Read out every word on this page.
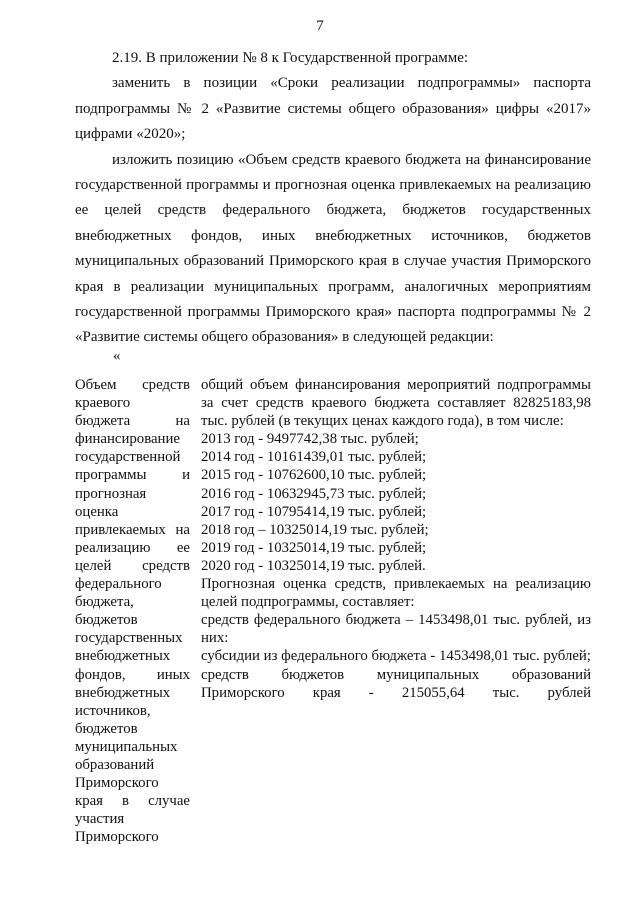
7

2.19. В приложении № 8 к Государственной программе:

заменить в позиции «Сроки реализации подпрограммы» паспорта подпрограммы № 2 «Развитие системы общего образования» цифры «2017» цифрами «2020»;

изложить позицию «Объем средств краевого бюджета на финансирование государственной программы и прогнозная оценка привлекаемых на реализацию ее целей средств федерального бюджета, бюджетов государственных внебюджетных фондов, иных внебюджетных источников, бюджетов муниципальных образований Приморского края в случае участия Приморского края в реализации муниципальных программ, аналогичных мероприятиям государственной программы Приморского края» паспорта подпрограммы № 2 «Развитие системы общего образования» в следующей редакции:

«
Объем средств
краевого
бюджета	на
финансирование
государственной
программы и
прогнозная
оценка
привлекаемых на
реализацию ее
целей средств
федерального
бюджета,
бюджетов
государственных
внебюджетных
фондов, иных
внебюджетных
источников,
бюджетов
муниципальных
образований
Приморского
края в случае
участия
Приморского
общий объем финансирования мероприятий подпрограммы за счет средств краевого бюджета составляет 82825183,98 тыс. рублей (в текущих ценах каждого года), в том числе:
2013 год - 9497742,38 тыс. рублей;
2014 год - 10161439,01 тыс. рублей;
2015 год - 10762600,10 тыс. рублей;
2016 год - 10632945,73 тыс. рублей;
2017 год - 10795414,19 тыс. рублей;
2018 год – 10325014,19 тыс. рублей;
2019 год - 10325014,19 тыс. рублей;
2020 год - 10325014,19 тыс. рублей.
Прогнозная оценка средств, привлекаемых на реализацию целей подпрограммы, составляет:
средств федерального бюджета – 1453498,01 тыс. рублей, из них:
субсидии из федерального бюджета - 1453498,01 тыс. рублей;
средств бюджетов муниципальных образований Приморского края - 215055,64 тыс. рублей
